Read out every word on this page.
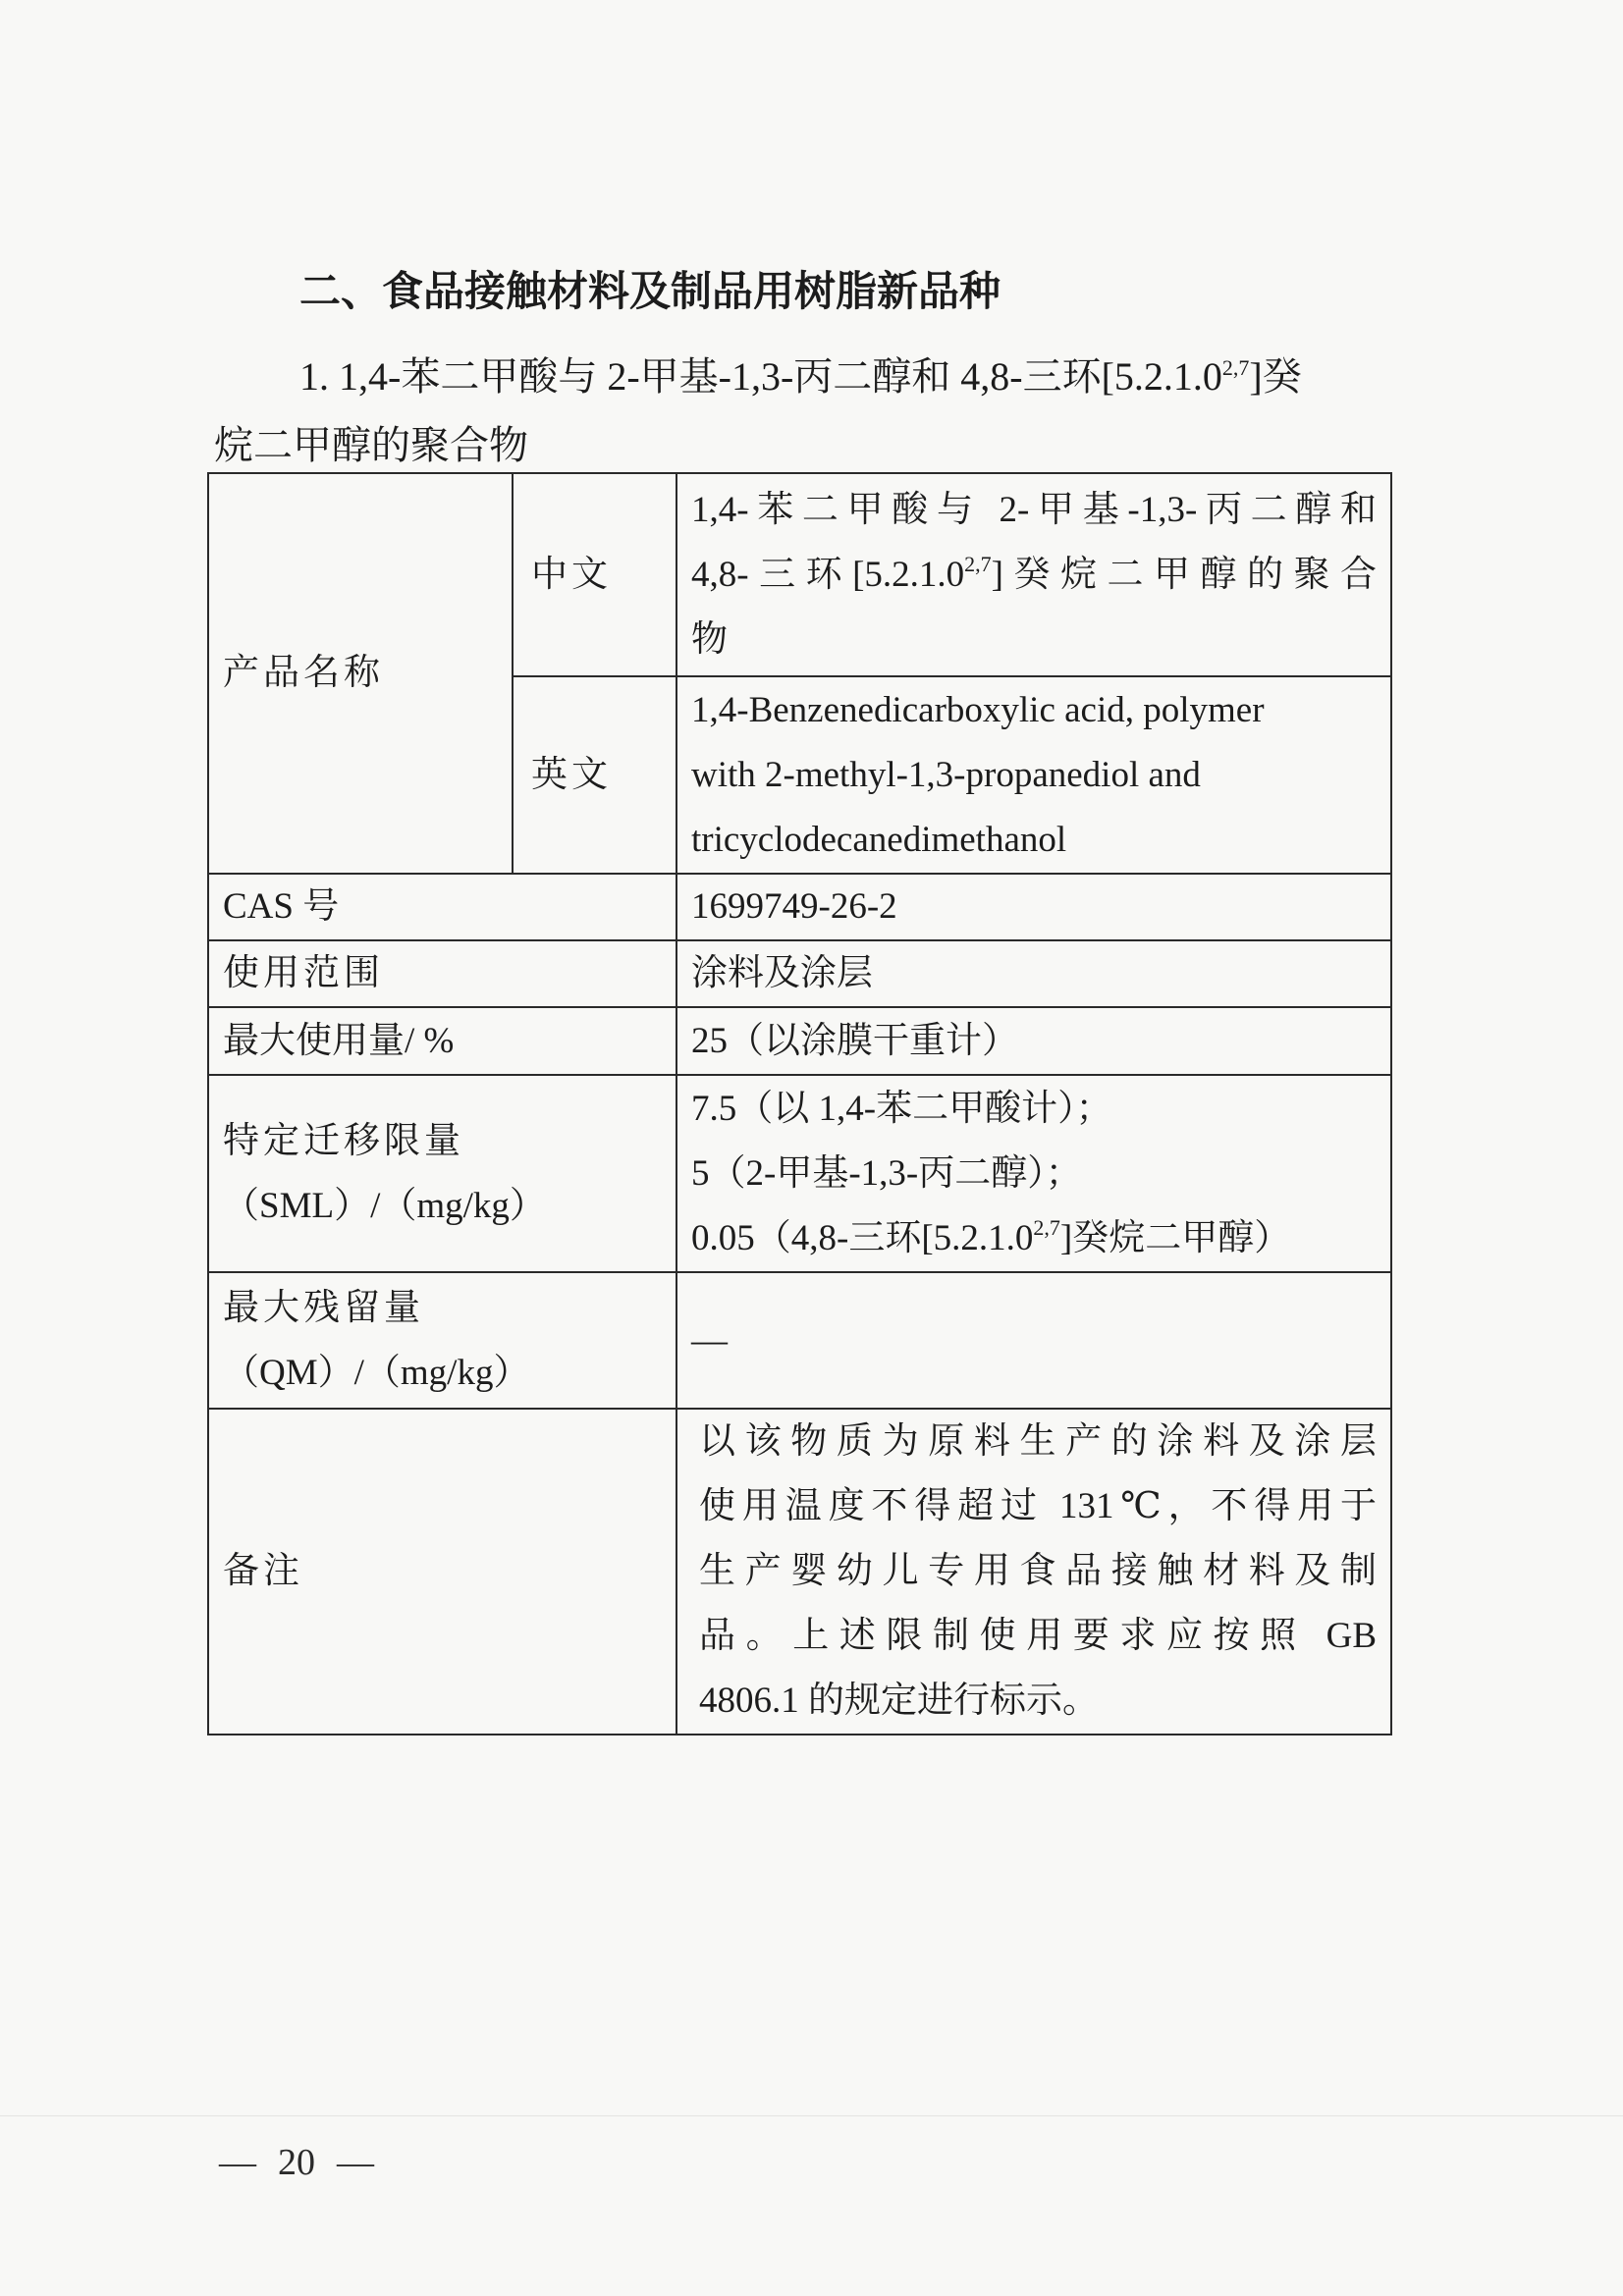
二、食品接触材料及制品用树脂新品种
1. 1,4-苯二甲酸与 2-甲基-1,3-丙二醇和 4,8-三环[5.2.1.0$^{2,7}$]癸
烷二甲醇的聚合物
产品名称	中文	1,4-苯二甲酸与 2-甲基-1,3-丙二醇和
4,8-三环[5.2.1.0$^{2,7}$]癸烷二甲醇的聚合
物

	英文	1,4-Benzenedicarboxylic acid, polymer
with 2-methyl-1,3-propanediol and
tricyclodecanedimethanol

CAS 号		1699749-26-2

使用范围		涂料及涂层

最大使用量/ %		25（以涂膜干重计）

特定迁移限量
（SML）/（mg/kg）		7.5（以 1,4-苯二甲酸计）；
5（2-甲基-1,3-丙二醇）；
0.05（4,8-三环[5.2.1.0$^{2,7}$]癸烷二甲醇）

最大残留量
（QM）/（mg/kg）		—

备注		以该物质为原料生产的涂料及涂层
使用温度不得超过 131℃，不得用于
生产婴幼儿专用食品接触材料及制
品。上述限制使用要求应按照 GB
4806.1 的规定进行标示。
— 20 —
